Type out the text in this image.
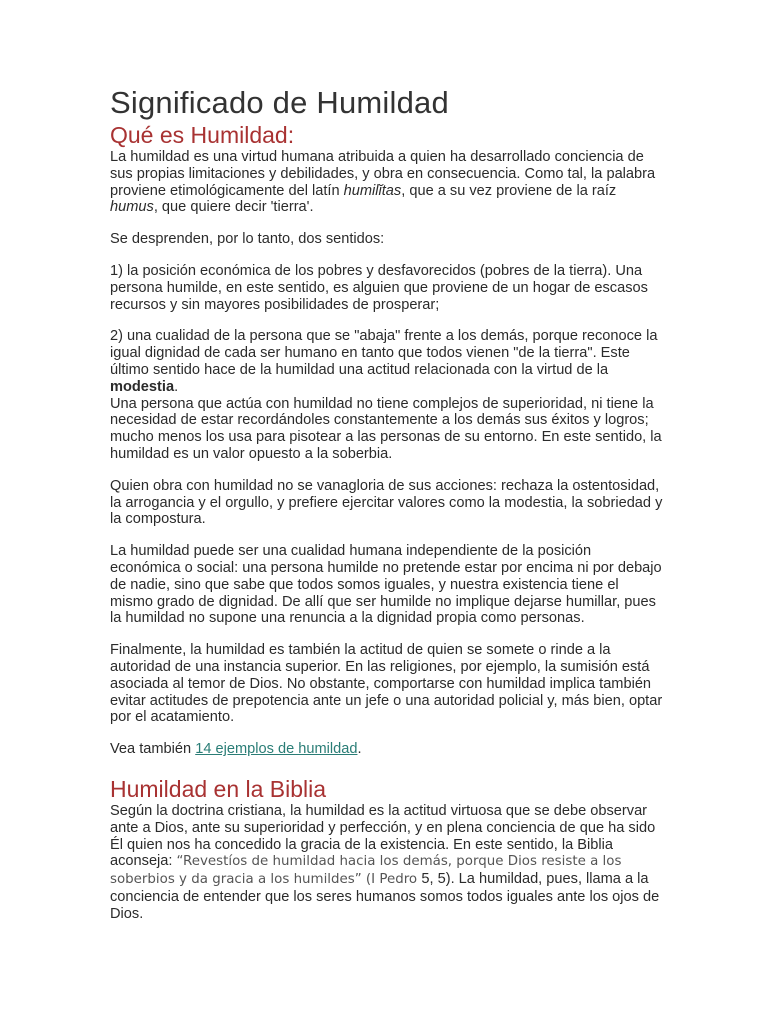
Significado de Humildad
Qué es Humildad:

La humildad es una virtud humana atribuida a quien ha desarrollado conciencia de sus propias limitaciones y debilidades, y obra en consecuencia. Como tal, la palabra proviene etimológicamente del latín humilĭtas, que a su vez proviene de la raíz humus, que quiere decir 'tierra'.

Se desprenden, por lo tanto, dos sentidos:

1) la posición económica de los pobres y desfavorecidos (pobres de la tierra). Una persona humilde, en este sentido, es alguien que proviene de un hogar de escasos recursos y sin mayores posibilidades de prosperar;

2) una cualidad de la persona que se "abaja" frente a los demás, porque reconoce la igual dignidad de cada ser humano en tanto que todos vienen "de la tierra". Este último sentido hace de la humildad una actitud relacionada con la virtud de la modestia.

Una persona que actúa con humildad no tiene complejos de superioridad, ni tiene la necesidad de estar recordándoles constantemente a los demás sus éxitos y logros; mucho menos los usa para pisotear a las personas de su entorno. En este sentido, la humildad es un valor opuesto a la soberbia.

Quien obra con humildad no se vanagloria de sus acciones: rechaza la ostentosidad, la arrogancia y el orgullo, y prefiere ejercitar valores como la modestia, la sobriedad y la compostura.

La humildad puede ser una cualidad humana independiente de la posición económica o social: una persona humilde no pretende estar por encima ni por debajo de nadie, sino que sabe que todos somos iguales, y nuestra existencia tiene el mismo grado de dignidad. De allí que ser humilde no implique dejarse humillar, pues la humildad no supone una renuncia a la dignidad propia como personas.

Finalmente, la humildad es también la actitud de quien se somete o rinde a la autoridad de una instancia superior. En las religiones, por ejemplo, la sumisión está asociada al temor de Dios. No obstante, comportarse con humildad implica también evitar actitudes de prepotencia ante un jefe o una autoridad policial y, más bien, optar por el acatamiento.

Vea también 14 ejemplos de humildad.

Humildad en la Biblia

Según la doctrina cristiana, la humildad es la actitud virtuosa que se debe observar ante a Dios, ante su superioridad y perfección, y en plena conciencia de que ha sido Él quien nos ha concedido la gracia de la existencia. En este sentido, la Biblia aconseja: “Revestíos de humildad hacia los demás, porque Dios resiste a los soberbios y da gracia a los humildes” (I Pedro 5, 5). La humildad, pues, llama a la conciencia de entender que los seres humanos somos todos iguales ante los ojos de Dios.
